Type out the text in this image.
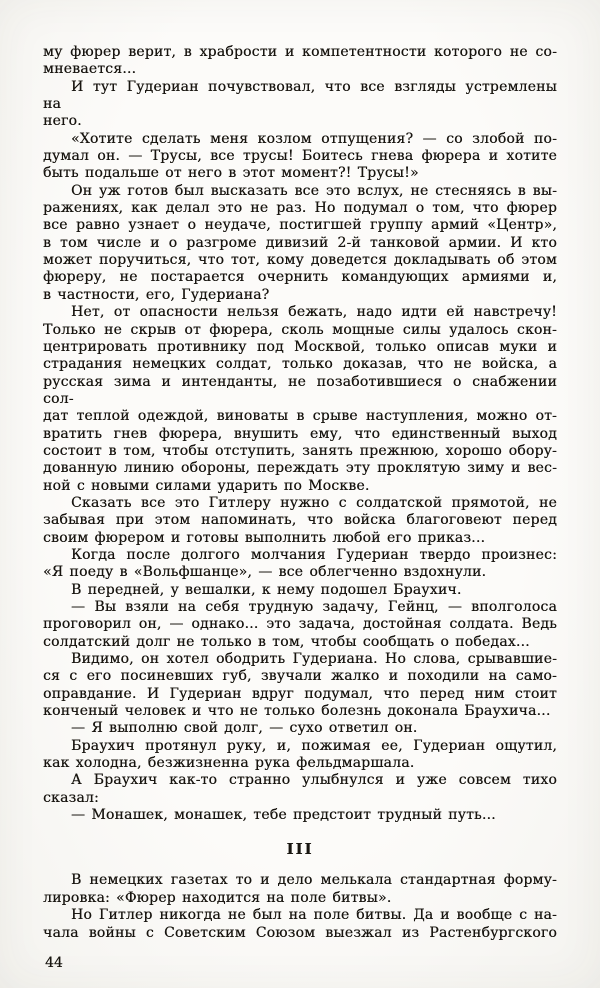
му фюрер верит, в храбрости и компетентности которого не со-
мневается...
И тут Гудериан почувствовал, что все взгляды устремлены на
него.
«Хотите сделать меня козлом отпущения? — со злобой по-
думал он. — Трусы, все трусы! Боитесь гнева фюрера и хотите
быть подальше от него в этот момент?! Трусы!»
Он уж готов был высказать все это вслух, не стесняясь в вы-
ражениях, как делал это не раз. Но подумал о том, что фюрер
все равно узнает о неудаче, постигшей группу армий «Центр»,
в том числе и о разгроме дивизий 2-й танковой армии. И кто
может поручиться, что тот, кому доведется докладывать об этом
фюреру, не постарается очернить командующих армиями и,
в частности, его, Гудериана?
Нет, от опасности нельзя бежать, надо идти ей навстречу!
Только не скрыв от фюрера, сколь мощные силы удалось скон-
центрировать противнику под Москвой, только описав муки и
страдания немецких солдат, только доказав, что не войска, а
русская зима и интенданты, не позаботившиеся о снабжении сол-
дат теплой одеждой, виноваты в срыве наступления, можно от-
вратить гнев фюрера, внушить ему, что единственный выход
состоит в том, чтобы отступить, занять прежнюю, хорошо обору-
дованную линию обороны, переждать эту проклятую зиму и вес-
ной с новыми силами ударить по Москве.
Сказать все это Гитлеру нужно с солдатской прямотой, не
забывая при этом напоминать, что войска благоговеют перед
своим фюрером и готовы выполнить любой его приказ...
Когда после долгого молчания Гудериан твердо произнес:
«Я поеду в «Вольфшанце», — все облегченно вздохнули.
В передней, у вешалки, к нему подошел Браухич.
— Вы взяли на себя трудную задачу, Гейнц, — вполголоса
проговорил он, — однако... это задача, достойная солдата. Ведь
солдатский долг не только в том, чтобы сообщать о победах...
Видимо, он хотел ободрить Гудериана. Но слова, срывавшие-
ся с его посиневших губ, звучали жалко и походили на само-
оправдание. И Гудериан вдруг подумал, что перед ним стоит
конченый человек и что не только болезнь доконала Браухича...
— Я выполню свой долг, — сухо ответил он.
Браухич протянул руку, и, пожимая ее, Гудериан ощутил,
как холодна, безжизненна рука фельдмаршала.
А Браухич как-то странно улыбнулся и уже совсем тихо
сказал:
— Монашек, монашек, тебе предстоит трудный путь...
III
В немецких газетах то и дело мелькала стандартная форму-
лировка: «Фюрер находится на поле битвы».
Но Гитлер никогда не был на поле битвы. Да и вообще с на-
чала войны с Советским Союзом выезжал из Растенбургского
44
